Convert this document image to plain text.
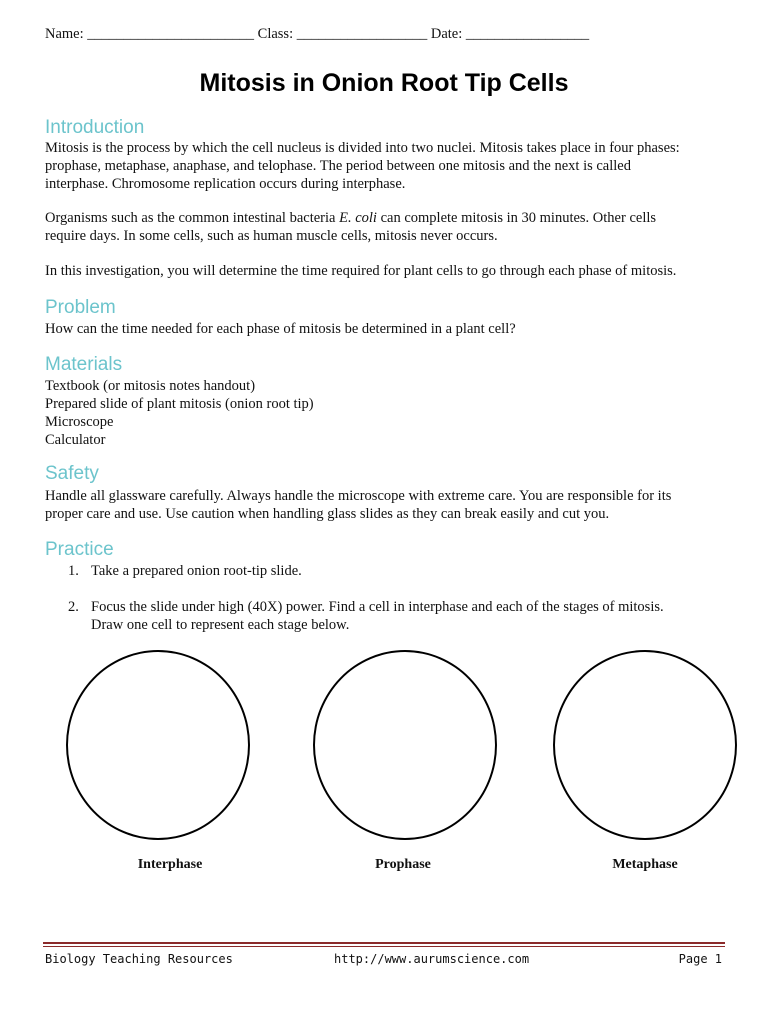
Name: _______________________ Class: __________________ Date: _________________
Mitosis in Onion Root Tip Cells
Introduction
Mitosis is the process by which the cell nucleus is divided into two nuclei. Mitosis takes place in four phases:
prophase, metaphase, anaphase, and telophase. The period between one mitosis and the next is called
interphase. Chromosome replication occurs during interphase.
Organisms such as the common intestinal bacteria E. coli can complete mitosis in 30 minutes. Other cells
require days. In some cells, such as human muscle cells, mitosis never occurs.
In this investigation, you will determine the time required for plant cells to go through each phase of mitosis.
Problem
How can the time needed for each phase of mitosis be determined in a plant cell?
Materials
Textbook (or mitosis notes handout)
Prepared slide of plant mitosis (onion root tip)
Microscope
Calculator
Safety
Handle all glassware carefully. Always handle the microscope with extreme care. You are responsible for its
proper care and use. Use caution when handling glass slides as they can break easily and cut you.
Practice
1. Take a prepared onion root-tip slide.
2. Focus the slide under high (40X) power. Find a cell in interphase and each of the stages of mitosis.
Draw one cell to represent each stage below.
Interphase	Prophase	Metaphase
Biology Teaching Resources	http://www.aurumscience.com	Page 1
